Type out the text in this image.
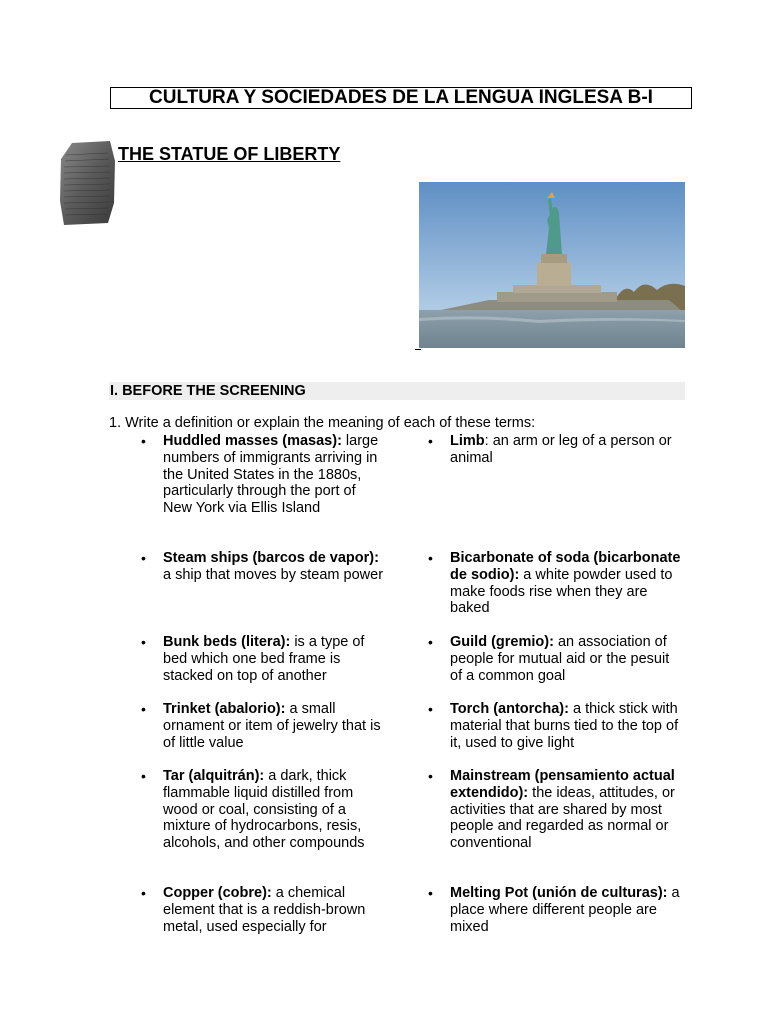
CULTURA Y SOCIEDADES DE LA LENGUA INGLESA B-I
THE STATUE OF LIBERTY
I. BEFORE THE SCREENING
1. Write a definition or explain the meaning of each of these terms:
• Huddled masses (masas): large numbers of immigrants arriving in the United States in the 1880s, particularly through the port of New York via Ellis Island
• Steam ships (barcos de vapor): a ship that moves by steam power
• Bunk beds (litera): is a type of bed which one bed frame is stacked on top of another
• Trinket (abalorio): a small ornament or item of jewelry that is of little value
• Tar (alquitrán): a dark, thick flammable liquid distilled from wood or coal, consisting of a mixture of hydrocarbons, resis, alcohols, and other compounds
• Copper (cobre): a chemical element that is a reddish-brown metal, used especially for
• Limb: an arm or leg of a person or animal
• Bicarbonate of soda (bicarbonate de sodio): a white powder used to make foods rise when they are baked
• Guild (gremio): an association of people for mutual aid or the pesuit of a common goal
• Torch (antorcha): a thick stick with material that burns tied to the top of it, used to give light
• Mainstream (pensamiento actual extendido): the ideas, attitudes, or activities that are shared by most people and regarded as normal or conventional
• Melting Pot (unión de culturas): a place where different people are mixed
